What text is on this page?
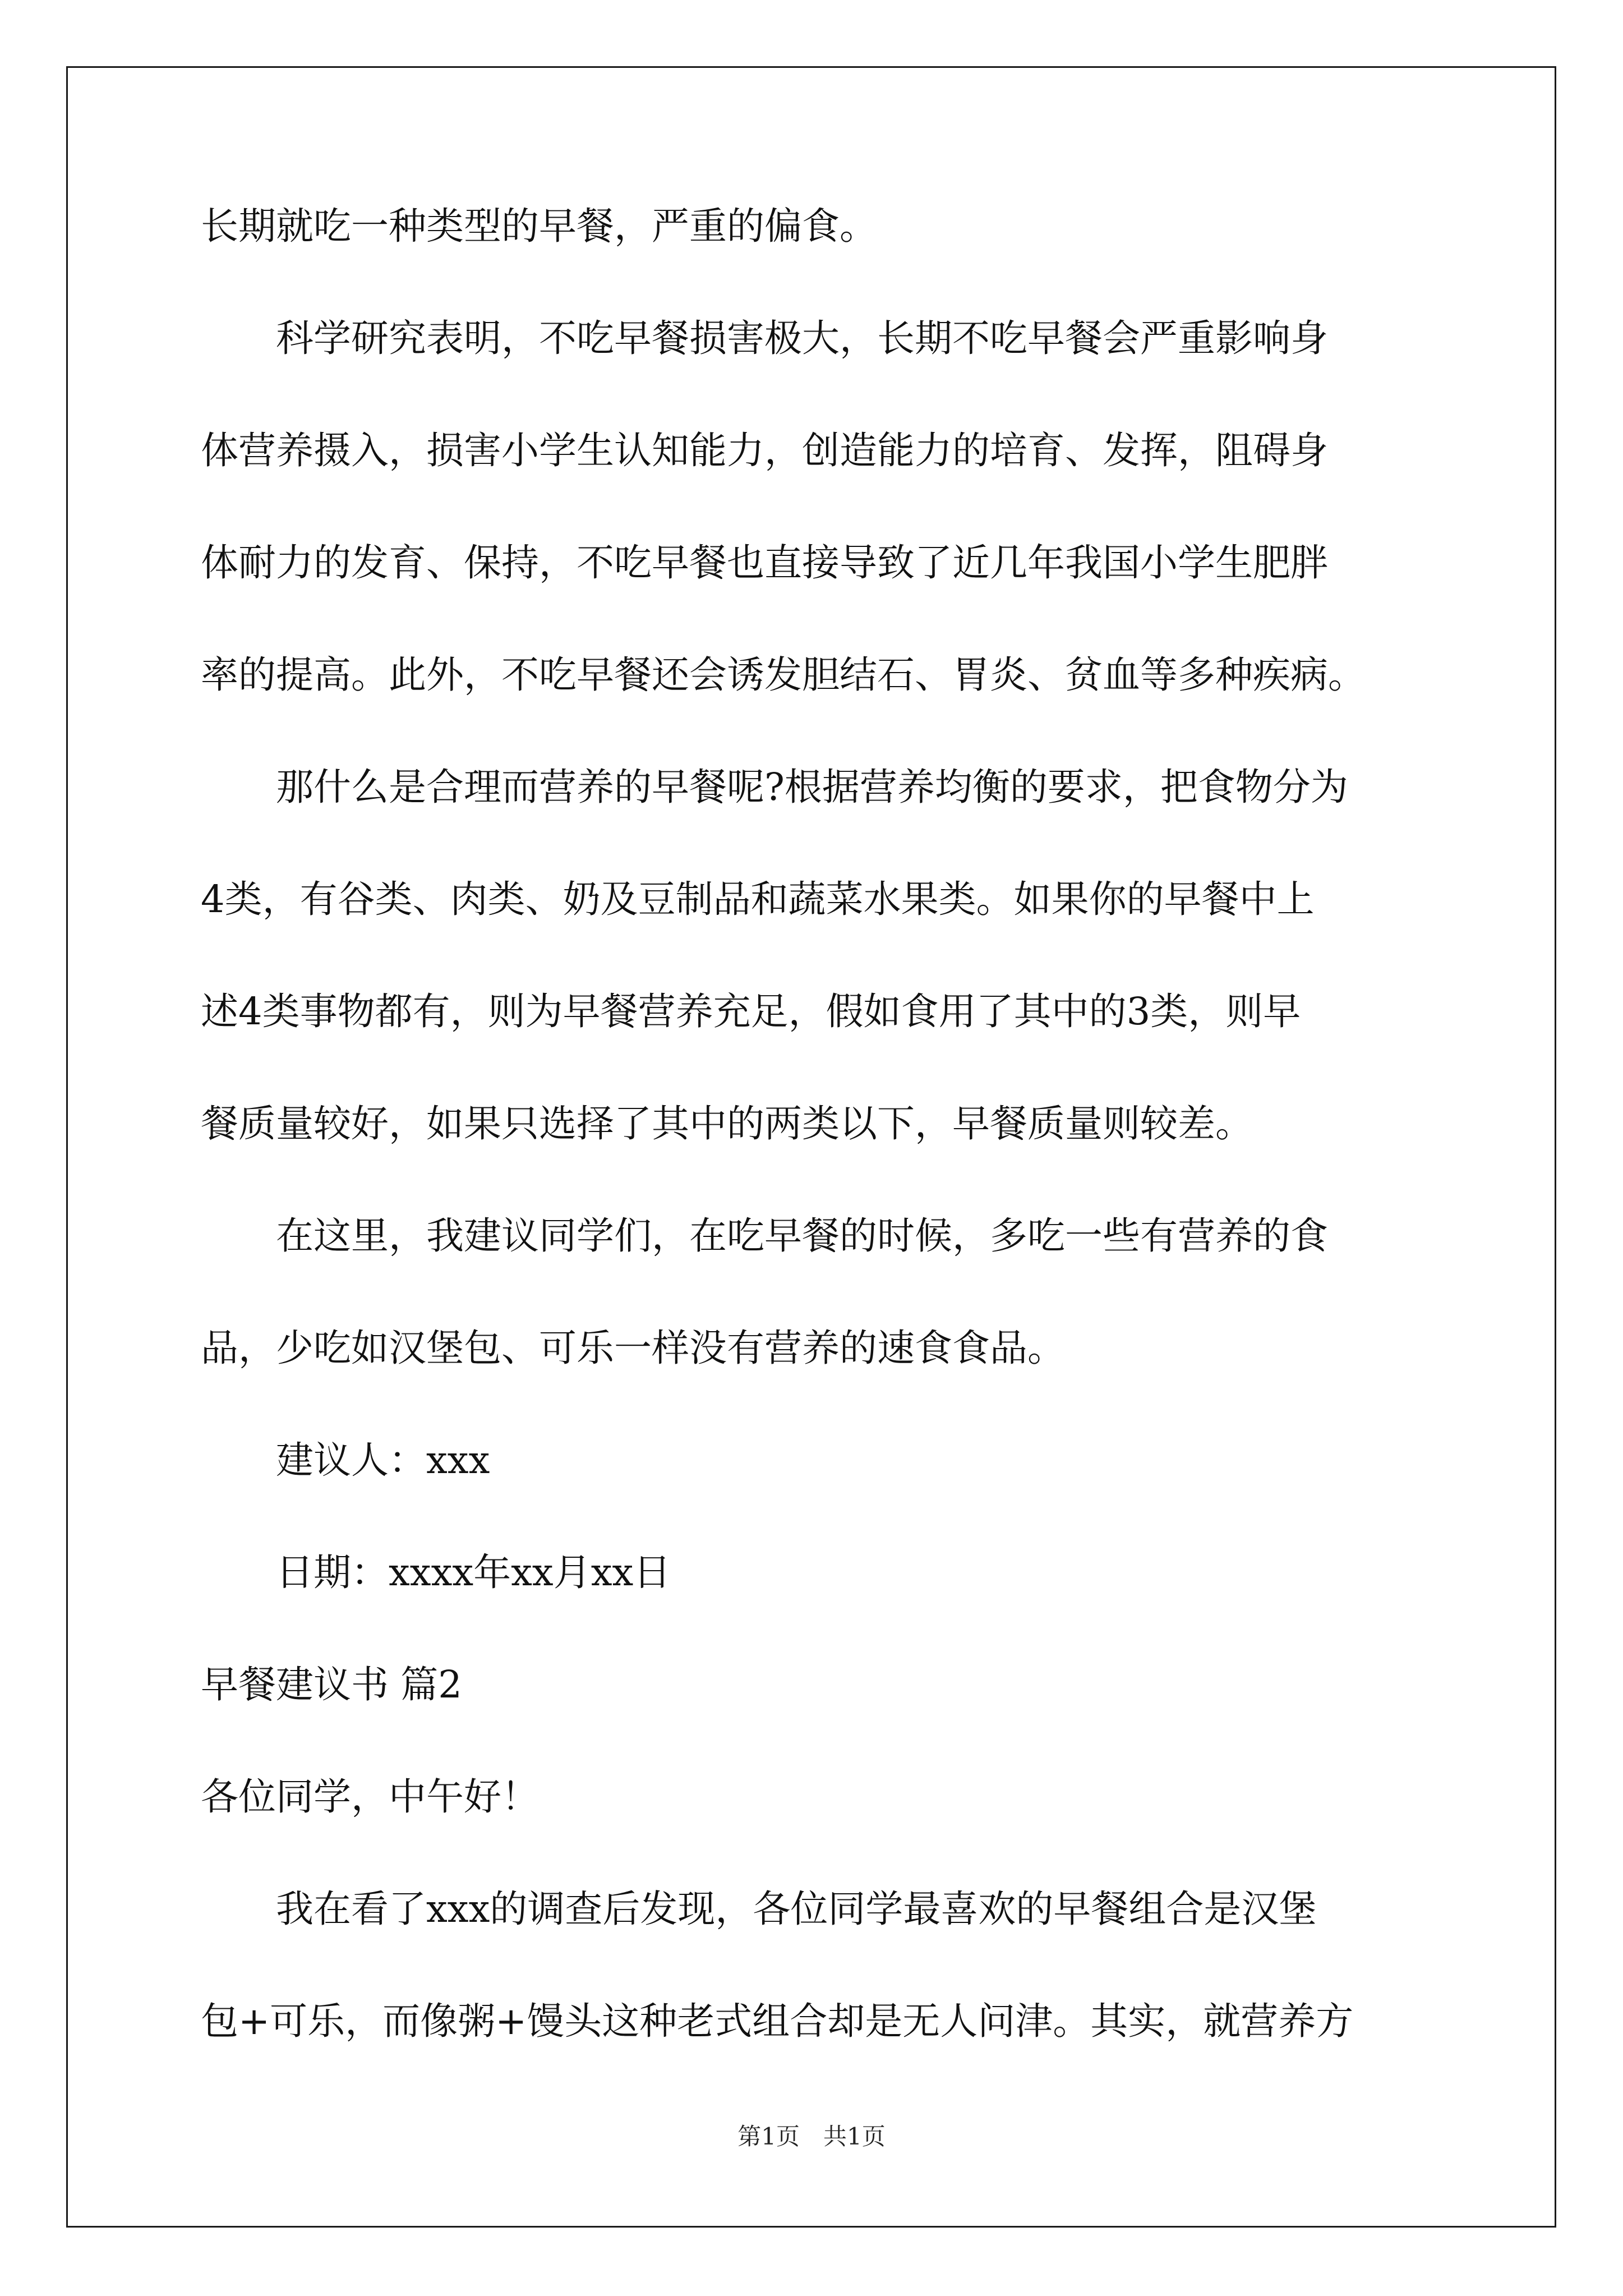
长期就吃一种类型的早餐，严重的偏食。
科学研究表明，不吃早餐损害极大，长期不吃早餐会严重影响身
体营养摄入，损害小学生认知能力，创造能力的培育、发挥，阻碍身
体耐力的发育、保持，不吃早餐也直接导致了近几年我国小学生肥胖
率的提高。此外，不吃早餐还会诱发胆结石、胃炎、贫血等多种疾病。
那什么是合理而营养的早餐呢?根据营养均衡的要求，把食物分为
4类，有谷类、肉类、奶及豆制品和蔬菜水果类。如果你的早餐中上
述4类事物都有，则为早餐营养充足，假如食用了其中的3类，则早
餐质量较好，如果只选择了其中的两类以下，早餐质量则较差。
在这里，我建议同学们，在吃早餐的时候，多吃一些有营养的食
品，少吃如汉堡包、可乐一样没有营养的速食食品。
建议人：xxx
日期：xxxx年xx月xx日
早餐建议书 篇2
各位同学，中午好！
我在看了xxx的调查后发现，各位同学最喜欢的早餐组合是汉堡
包+可乐，而像粥+馒头这种老式组合却是无人问津。其实，就营养方
第1页　共1页
